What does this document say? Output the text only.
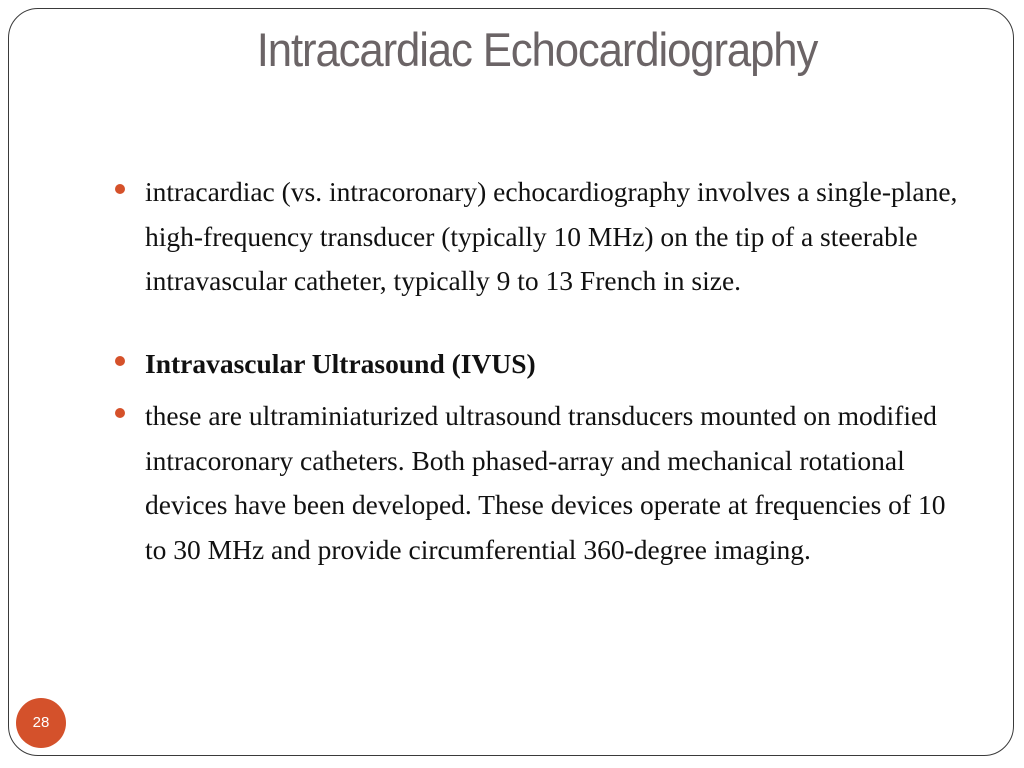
Intracardiac Echocardiography
intracardiac (vs. intracoronary) echocardiography involves a single-plane, high-frequency transducer (typically 10 MHz) on the tip of a steerable intravascular catheter, typically 9 to 13 French in size.
Intravascular Ultrasound (IVUS)
these are ultraminiaturized ultrasound transducers mounted on modified intracoronary catheters. Both phased-array and mechanical rotational devices have been developed. These devices operate at frequencies of 10 to 30 MHz and provide circumferential 360-degree imaging.
28
